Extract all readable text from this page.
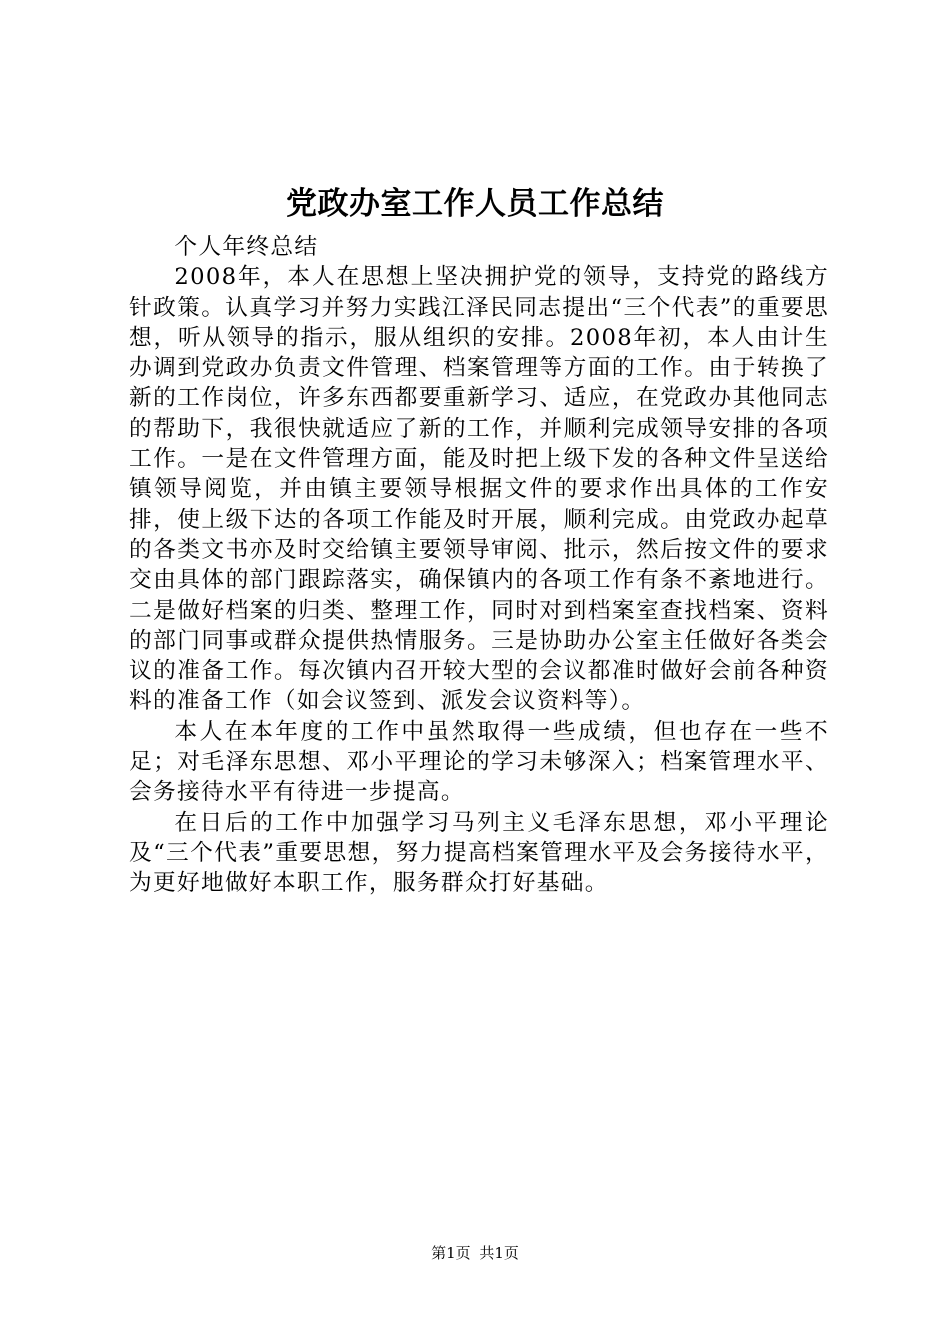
党政办室工作人员工作总结

个人年终总结

2008年，本人在思想上坚决拥护党的领导，支持党的路线方针政策。认真学习并努力实践江泽民同志提出“三个代表”的重要思想，听从领导的指示，服从组织的安排。2008年初，本人由计生办调到党政办负责文件管理、档案管理等方面的工作。由于转换了新的工作岗位，许多东西都要重新学习、适应，在党政办其他同志的帮助下，我很快就适应了新的工作，并顺利完成领导安排的各项工作。一是在文件管理方面，能及时把上级下发的各种文件呈送给镇领导阅览，并由镇主要领导根据文件的要求作出具体的工作安排，使上级下达的各项工作能及时开展，顺利完成。由党政办起草的各类文书亦及时交给镇主要领导审阅、批示，然后按文件的要求交由具体的部门跟踪落实，确保镇内的各项工作有条不紊地进行。二是做好档案的归类、整理工作，同时对到档案室查找档案、资料的部门同事或群众提供热情服务。三是协助办公室主任做好各类会议的准备工作。每次镇内召开较大型的会议都准时做好会前各种资料的准备工作（如会议签到、派发会议资料等）。

本人在本年度的工作中虽然取得一些成绩，但也存在一些不足；对毛泽东思想、邓小平理论的学习未够深入；档案管理水平、会务接待水平有待进一步提高。

在日后的工作中加强学习马列主义毛泽东思想，邓小平理论及“三个代表”重要思想，努力提高档案管理水平及会务接待水平，为更好地做好本职工作，服务群众打好基础。

第1页 共1页
